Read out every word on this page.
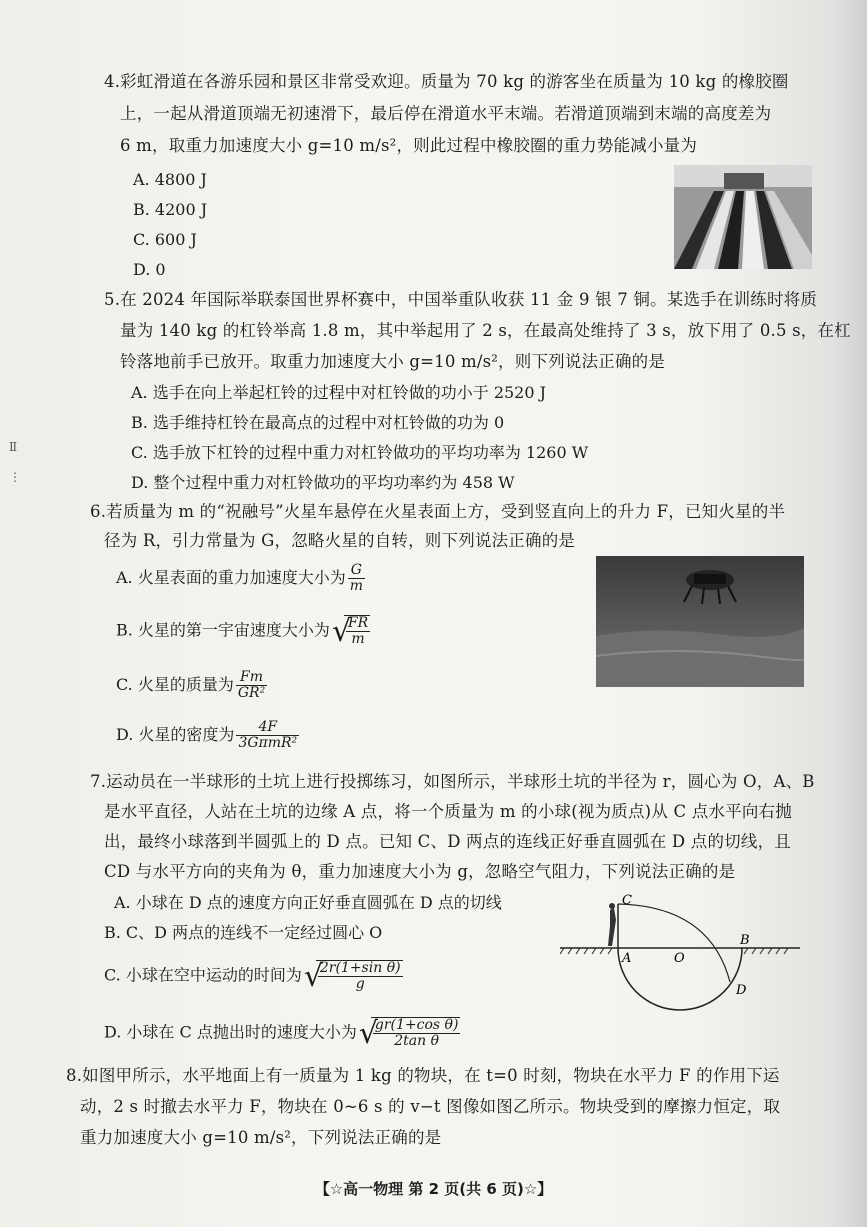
4.彩虹滑道在各游乐园和景区非常受欢迎。质量为 70 kg 的游客坐在质量为 10 kg 的橡胶圈
上，一起从滑道顶端无初速滑下，最后停在滑道水平末端。若滑道顶端到末端的高度差为
6 m，取重力加速度大小 g=10 m/s²，则此过程中橡胶圈的重力势能减小量为
A. 4800 J
B. 4200 J
C. 600 J
D. 0
5.在 2024 年国际举联泰国世界杯赛中，中国举重队收获 11 金 9 银 7 铜。某选手在训练时将质
量为 140 kg 的杠铃举高 1.8 m，其中举起用了 2 s，在最高处维持了 3 s，放下用了 0.5 s，在杠
铃落地前手已放开。取重力加速度大小 g=10 m/s²，则下列说法正确的是
A. 选手在向上举起杠铃的过程中对杠铃做的功小于 2520 J
B. 选手维持杠铃在最高点的过程中对杠铃做的功为 0
C. 选手放下杠铃的过程中重力对杠铃做功的平均功率为 1260 W
D. 整个过程中重力对杠铃做功的平均功率约为 458 W
Ⅱ
⋮
6.若质量为 m 的“祝融号”火星车悬停在火星表面上方，受到竖直向上的升力 F，已知火星的半
径为 R，引力常量为 G，忽略火星的自转，则下列说法正确的是
A. 火星表面的重力加速度大小为 $\frac{G}{m}$
B. 火星的第一宇宙速度大小为 √
$\frac{FR}{m}$
C. 火星的质量为 $\frac{Fm}{\text{GR²}}$
D. 火星的密度为 $\frac{4F}{\text{3GπmR²}}$
7.运动员在一半球形的土坑上进行投掷练习，如图所示，半球形土坑的半径为 r，圆心为 O，A、B
是水平直径，人站在土坑的边缘 A 点，将一个质量为 m 的小球(视为质点)从 C 点水平向右抛
出，最终小球落到半圆弧上的 D 点。已知 C、D 两点的连线正好垂直圆弧在 D 点的切线，且
CD 与水平方向的夹角为 θ，重力加速度大小为 g，忽略空气阻力，下列说法正确的是
A. 小球在 D 点的速度方向正好垂直圆弧在 D 点的切线
B. C、D 两点的连线不一定经过圆心 O
C. 小球在空中运动的时间为 √
$\frac{\text{2r(1+sin θ)}}{g}$
D. 小球在 C 点抛出时的速度大小为 √
$\frac{\text{gr(1+cos θ)}}{\text{2tan θ}}$
C
A	O
B
D
8.如图甲所示，水平地面上有一质量为 1 kg 的物块，在 t=0 时刻，物块在水平力 F 的作用下运
动，2 s 时撤去水平力 F，物块在 0~6 s 的 v−t 图像如图乙所示。物块受到的摩擦力恒定，取
重力加速度大小 g=10 m/s²，下列说法正确的是
【☆高一物理 第 2 页(共 6 页)☆】
